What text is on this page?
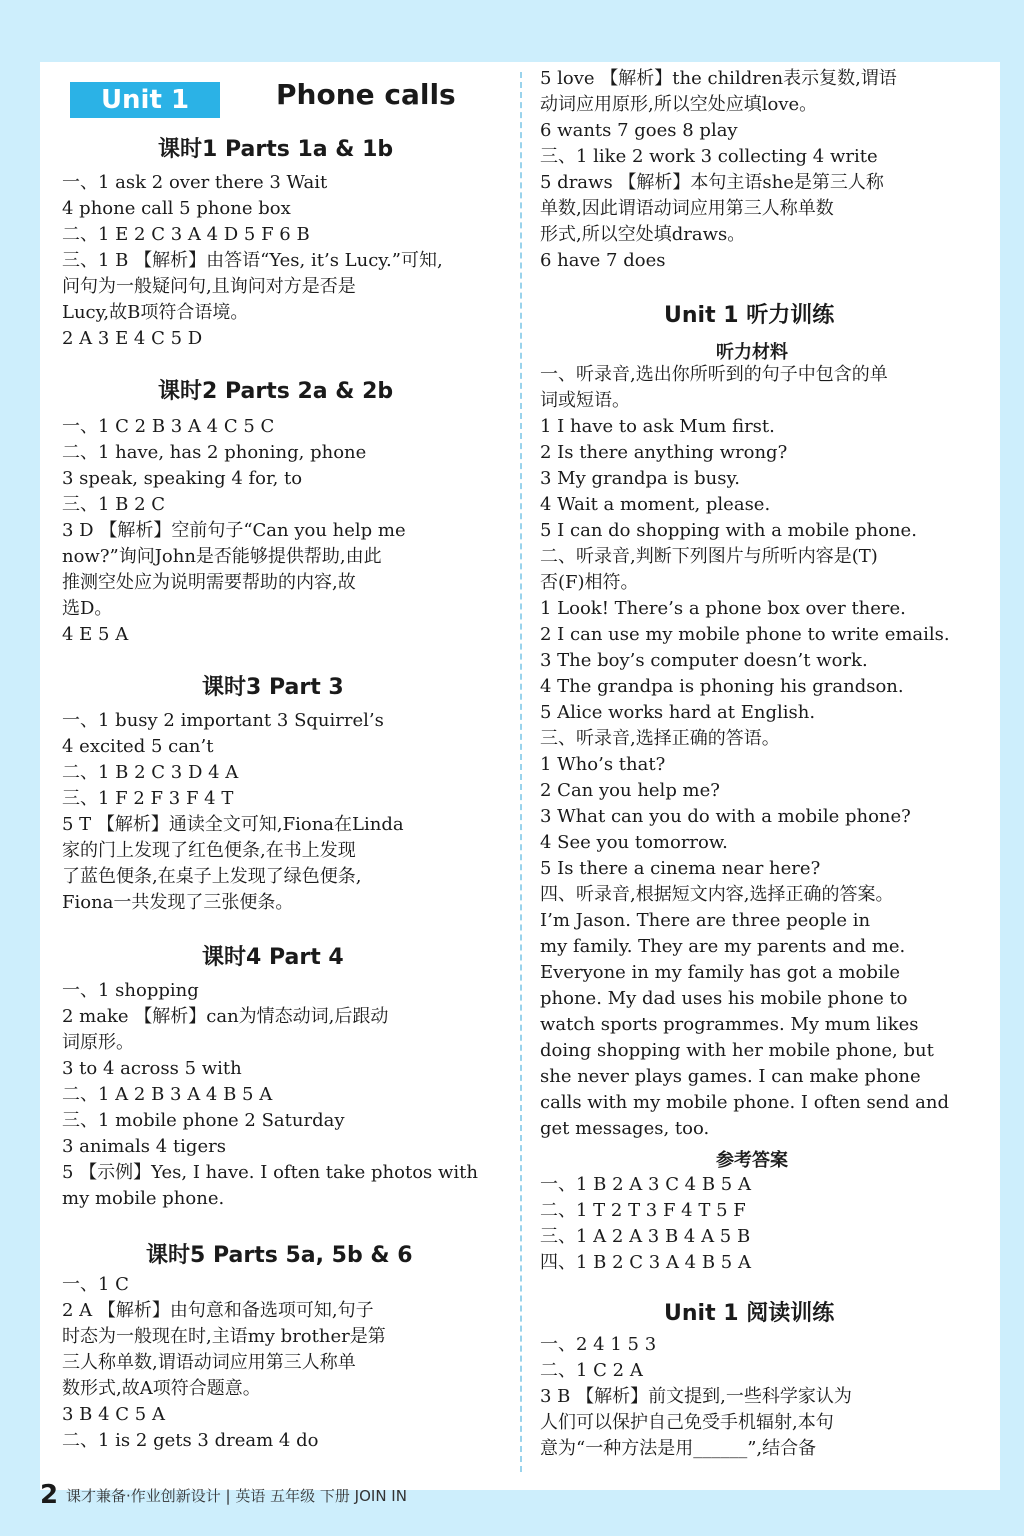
Unit 1	Phone calls
课时1 Parts 1a & 1b
一、1 ask 2 over there 3 Wait
4 phone call 5 phone box
二、1 E 2 C 3 A 4 D 5 F 6 B
三、1 B 【解析】由答语“Yes, it’s Lucy.”可知,
问句为一般疑问句,且询问对方是否是
Lucy,故B项符合语境。
2 A 3 E 4 C 5 D
课时2 Parts 2a & 2b
一、1 C 2 B 3 A 4 C 5 C
二、1 have, has 2 phoning, phone
3 speak, speaking 4 for, to
三、1 B 2 C
3 D 【解析】空前句子“Can you help me
now?”询问John是否能够提供帮助,由此
推测空处应为说明需要帮助的内容,故
选D。
4 E 5 A
课时3 Part 3
一、1 busy 2 important 3 Squirrel’s
4 excited 5 can’t
二、1 B 2 C 3 D 4 A
三、1 F 2 F 3 F 4 T
5 T 【解析】通读全文可知,Fiona在Linda
家的门上发现了红色便条,在书上发现
了蓝色便条,在桌子上发现了绿色便条,
Fiona一共发现了三张便条。
课时4 Part 4
一、1 shopping
2 make 【解析】can为情态动词,后跟动
词原形。
3 to 4 across 5 with
二、1 A 2 B 3 A 4 B 5 A
三、1 mobile phone 2 Saturday
3 animals 4 tigers
5 【示例】Yes, I have. I often take photos with
my mobile phone.
课时5 Parts 5a, 5b & 6
一、1 C
2 A 【解析】由句意和备选项可知,句子
时态为一般现在时,主语my brother是第
三人称单数,谓语动词应用第三人称单
数形式,故A项符合题意。
3 B 4 C 5 A
二、1 is 2 gets 3 dream 4 do
5 love 【解析】the children表示复数,谓语
动词应用原形,所以空处应填love。
6 wants 7 goes 8 play
三、1 like 2 work 3 collecting 4 write
5 draws 【解析】本句主语she是第三人称
单数,因此谓语动词应用第三人称单数
形式,所以空处填draws。
6 have 7 does
Unit 1 听力训练
听力材料
一、听录音,选出你所听到的句子中包含的单
词或短语。
1 I have to ask Mum first.
2 Is there anything wrong?
3 My grandpa is busy.
4 Wait a moment, please.
5 I can do shopping with a mobile phone.
二、听录音,判断下列图片与所听内容是(T)
否(F)相符。
1 Look! There’s a phone box over there.
2 I can use my mobile phone to write emails.
3 The boy’s computer doesn’t work.
4 The grandpa is phoning his grandson.
5 Alice works hard at English.
三、听录音,选择正确的答语。
1 Who’s that?
2 Can you help me?
3 What can you do with a mobile phone?
4 See you tomorrow.
5 Is there a cinema near here?
四、听录音,根据短文内容,选择正确的答案。
I’m Jason. There are three people in
my family. They are my parents and me.
Everyone in my family has got a mobile
phone. My dad uses his mobile phone to
watch sports programmes. My mum likes
doing shopping with her mobile phone, but
she never plays games. I can make phone
calls with my mobile phone. I often send and
get messages, too.
参考答案
一、1 B 2 A 3 C 4 B 5 A
二、1 T 2 T 3 F 4 T 5 F
三、1 A 2 A 3 B 4 A 5 B
四、1 B 2 C 3 A 4 B 5 A
Unit 1 阅读训练
一、2 4 1 5 3
二、1 C 2 A
3 B 【解析】前文提到,一些科学家认为
人们可以保护自己免受手机辐射,本句
意为“一种方法是用______”,结合备
2 课才兼备·作业创新设计 | 英语 五年级 下册 JOIN IN
